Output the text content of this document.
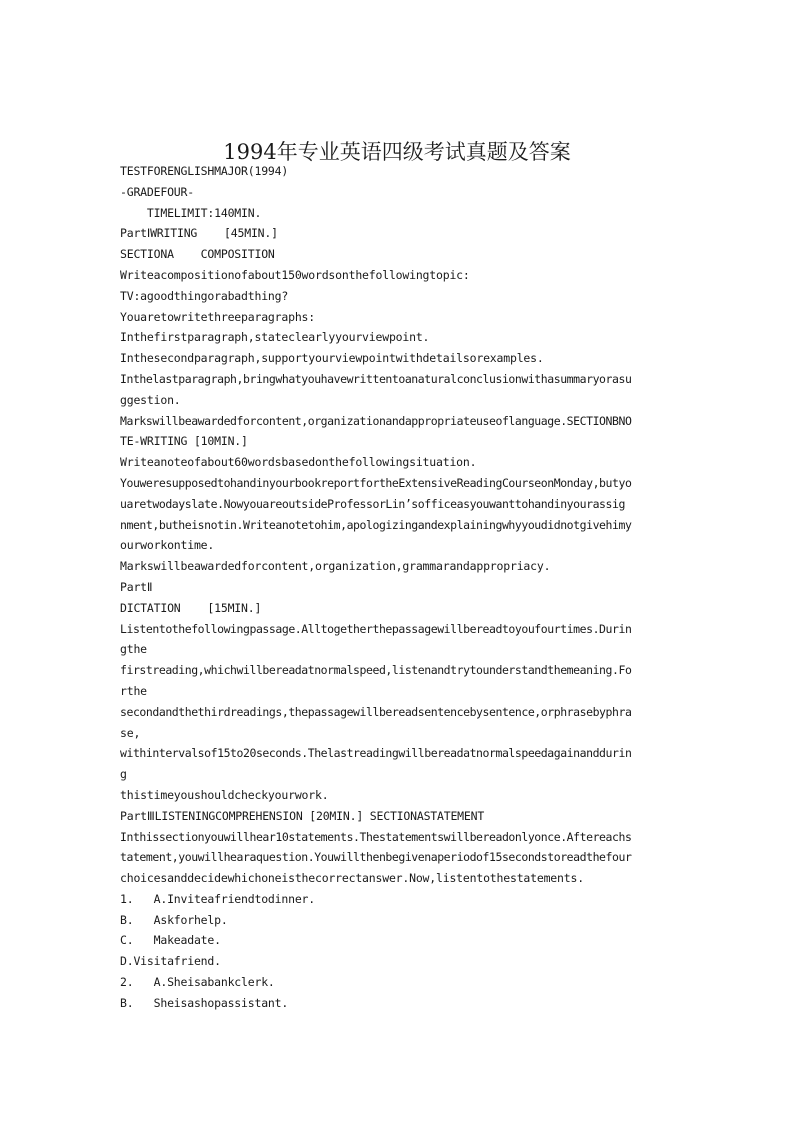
1994年专业英语四级考试真题及答案
TESTFORENGLISHMAJOR(1994)
-GRADEFOUR-
TIMELIMIT:140MIN.
PartⅠWRITING    [45MIN.]
SECTIONA    COMPOSITION
Writeacompositionofabout150wordsonthefollowingtopic:
TV:agoodthingorabadthing?
Youaretowritethreeparagraphs:
Inthefirstparagraph,stateclearlyyourviewpoint.
Inthesecondparagraph,supportyourviewpointwithdetailsorexamples.
Inthelastparagraph,bringwhatyouhavewrittentoanaturalconclusionwithasummaryorasu
ggestion.
Markswillbeawardedforcontent,organizationandappropriateuseoflanguage.SECTIONBNO
TE-WRITING [10MIN.]
Writeanoteofabout60wordsbasedonthefollowingsituation.
YouweresupposedtohandinyourbookreportfortheExtensiveReadingCourseonMonday,butyo
uaretwodayslate.NowyouareoutsideProfessorLin’sofficeasyouwanttohandinyourassig
nment,butheisnotin.Writeanotetohim,apologizingandexplainingwhyyoudidnotgivehimy
ourworkontime.
Markswillbeawardedforcontent,organization,grammarandappropriacy.
PartⅡ
DICTATION    [15MIN.]
Listentothefollowingpassage.Alltogetherthepassagewillbereadtoyoufourtimes.Durin
gthe
firstreading,whichwillbereadatnormalspeed,listenandtrytounderstandthemeaning.Fo
rthe
secondandthethirdreadings,thepassagewillbereadsentencebysentence,orphrasebyphra
se,
withintervalsof15to20seconds.Thelastreadingwillbereadatnormalspeedagainanddurin
g
thistimeyoushouldcheckyourwork.
PartⅢLISTENINGCOMPREHENSION [20MIN.] SECTIONASTATEMENT
Inthissectionyouwillhear10statements.Thestatementswillbereadonlyonce.Aftereachs
tatement,youwillhearaquestion.Youwillthenbegivenaperiodof15secondstoreadthefour
choicesanddecidewhichoneisthecorrectanswer.Now,listentothestatements.
1.   A.Inviteafriendtodinner.
B.   Askforhelp.
C.   Makeadate.
D.Visitafriend.
2.   A.Sheisabankclerk.
B.   Sheisashopassistant.
